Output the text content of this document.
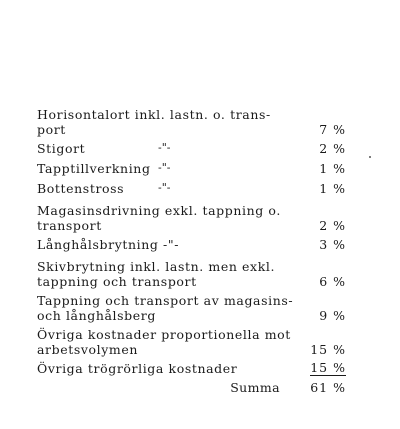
Horisontalort inkl. lastn. o. trans-
port	7 %
Stigort	-"-	2 %
Tapptillverkning -"-	1 %
Bottenstross	-"-	1 %
Magasinsdrivning exkl. tappning o.
transport	2 %
Långhålsbrytning -"-	3 %
Skivbrytning inkl. lastn. men exkl.
tappning och transport	6 %
Tappning och transport av magasins-
och långhålsberg	9 %
Övriga kostnader proportionella mot
arbetsvolymen	15 %
Övriga trögrörliga kostnader	15 %
Summa 61 %
